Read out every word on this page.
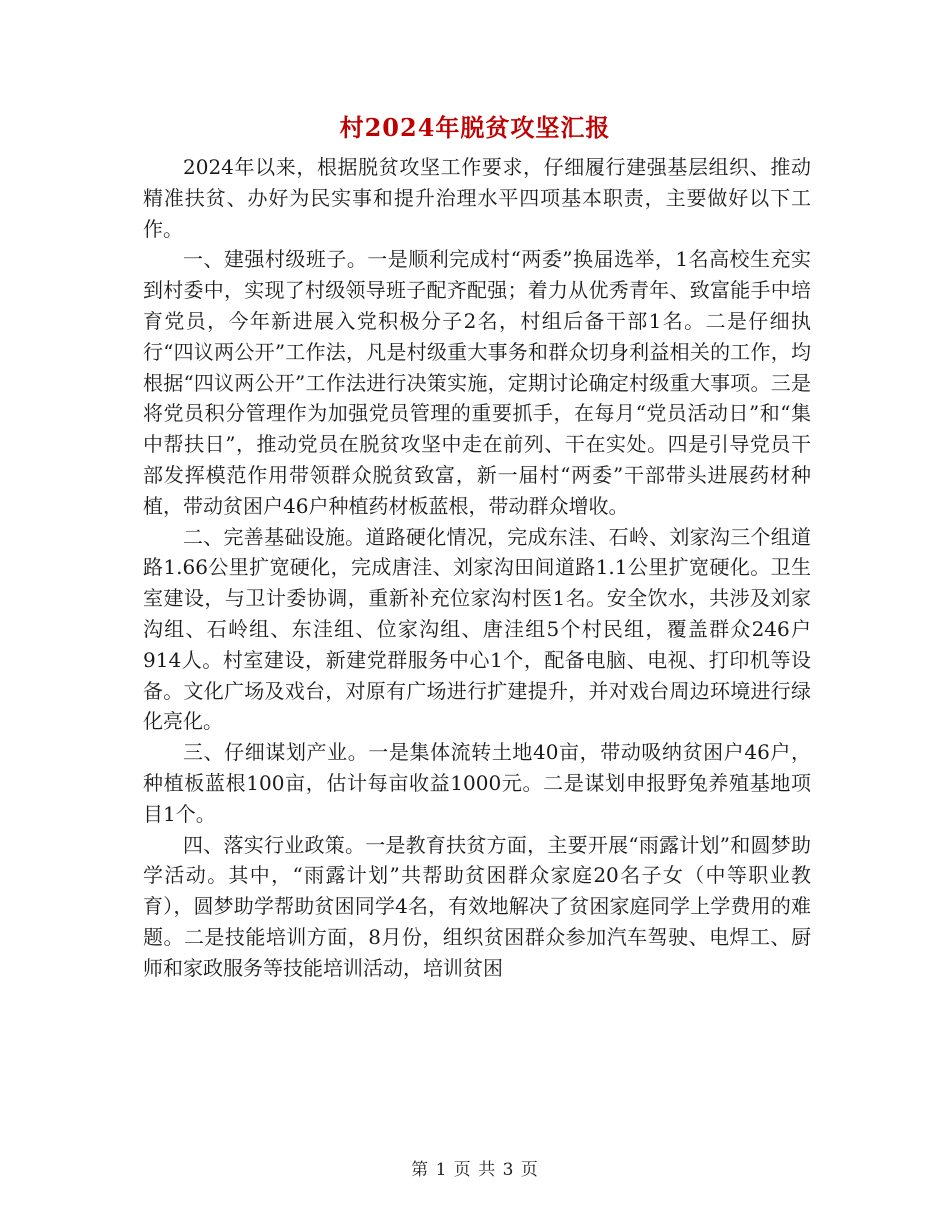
村2024年脱贫攻坚汇报

2024年以来，根据脱贫攻坚工作要求，仔细履行建强基层组织、推动精准扶贫、办好为民实事和提升治理水平四项基本职责，主要做好以下工作。

一、建强村级班子。一是顺利完成村“两委”换届选举，1名高校生充实到村委中，实现了村级领导班子配齐配强；着力从优秀青年、致富能手中培育党员，今年新进展入党积极分子2名，村组后备干部1名。二是仔细执行“四议两公开”工作法，凡是村级重大事务和群众切身利益相关的工作，均根据“四议两公开”工作法进行决策实施，定期讨论确定村级重大事项。三是将党员积分管理作为加强党员管理的重要抓手，在每月“党员活动日”和“集中帮扶日”，推动党员在脱贫攻坚中走在前列、干在实处。四是引导党员干部发挥模范作用带领群众脱贫致富，新一届村“两委”干部带头进展药材种植，带动贫困户46户种植药材板蓝根，带动群众增收。

二、完善基础设施。道路硬化情况，完成东洼、石岭、刘家沟三个组道路1.66公里扩宽硬化，完成唐洼、刘家沟田间道路1.1公里扩宽硬化。卫生室建设，与卫计委协调，重新补充位家沟村医1名。安全饮水，共涉及刘家沟组、石岭组、东洼组、位家沟组、唐洼组5个村民组，覆盖群众246户914人。村室建设，新建党群服务中心1个，配备电脑、电视、打印机等设备。文化广场及戏台，对原有广场进行扩建提升，并对戏台周边环境进行绿化亮化。

三、仔细谋划产业。一是集体流转土地40亩，带动吸纳贫困户46户，种植板蓝根100亩，估计每亩收益1000元。二是谋划申报野兔养殖基地项目1个。

四、落实行业政策。一是教育扶贫方面，主要开展“雨露计划”和圆梦助学活动。其中，“雨露计划”共帮助贫困群众家庭20名子女（中等职业教育），圆梦助学帮助贫困同学4名，有效地解决了贫困家庭同学上学费用的难题。二是技能培训方面，8月份，组织贫困群众参加汽车驾驶、电焊工、厨师和家政服务等技能培训活动，培训贫困

第 1 页 共 3 页
